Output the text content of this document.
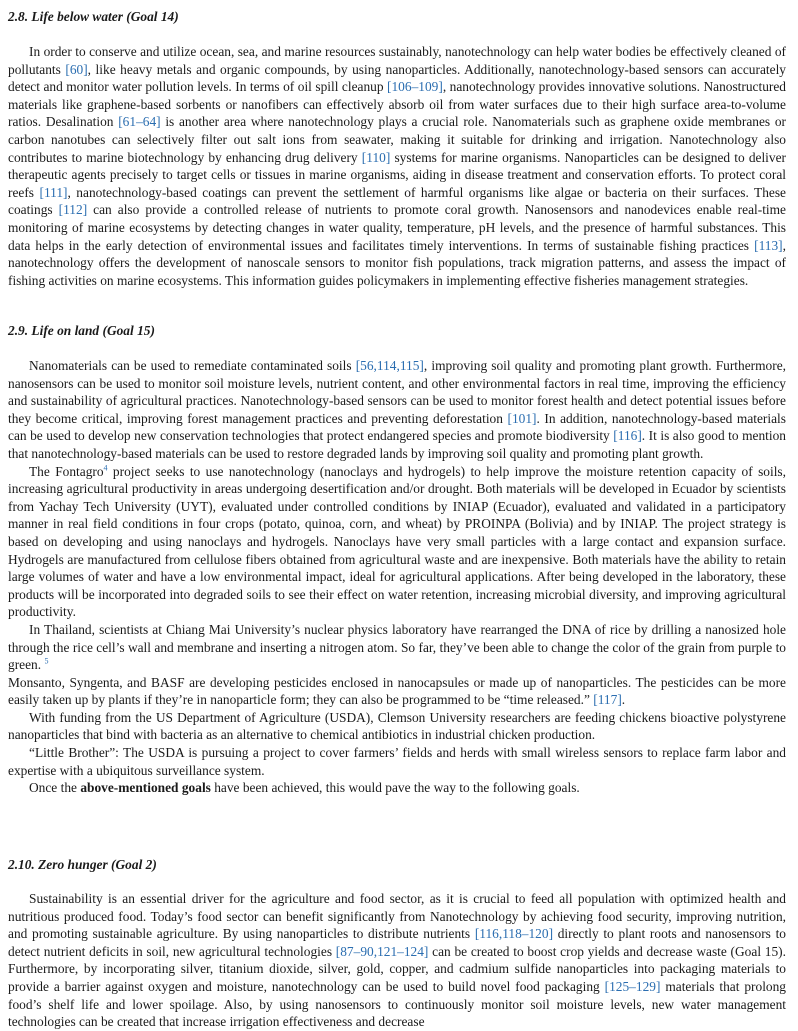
2.8. Life below water (Goal 14)

In order to conserve and utilize ocean, sea, and marine resources sustainably, nanotechnology can help water bodies be effectively cleaned of pollutants [60], like heavy metals and organic compounds, by using nanoparticles. Additionally, nanotechnology-based sensors can accurately detect and monitor water pollution levels. In terms of oil spill cleanup [106–109], nanotechnology provides innovative solutions. Nanostructured materials like graphene-based sorbents or nanofibers can effectively absorb oil from water surfaces due to their high surface area-to-volume ratios. Desalination [61–64] is another area where nanotechnology plays a crucial role. Nanomaterials such as graphene oxide membranes or carbon nanotubes can selectively filter out salt ions from seawater, making it suitable for drinking and irrigation. Nanotechnology also contributes to marine biotechnology by enhancing drug delivery [110] systems for marine organisms. Nanoparticles can be designed to deliver therapeutic agents precisely to target cells or tissues in marine organisms, aiding in disease treatment and conservation efforts. To protect coral reefs [111], nanotechnology-based coatings can prevent the settlement of harmful organisms like algae or bacteria on their surfaces. These coatings [112] can also provide a controlled release of nutrients to promote coral growth. Nanosensors and nanodevices enable real-time monitoring of marine ecosystems by detecting changes in water quality, temperature, pH levels, and the presence of harmful substances. This data helps in the early detection of environmental issues and facilitates timely interventions. In terms of sustainable fishing practices [113], nanotechnology offers the development of nanoscale sensors to monitor fish populations, track migration patterns, and assess the impact of fishing activities on marine ecosystems. This information guides policymakers in implementing effective fisheries management strategies.

2.9. Life on land (Goal 15)

Nanomaterials can be used to remediate contaminated soils [56,114,115], improving soil quality and promoting plant growth. Furthermore, nanosensors can be used to monitor soil moisture levels, nutrient content, and other environmental factors in real time, improving the efficiency and sustainability of agricultural practices. Nanotechnology-based sensors can be used to monitor forest health and detect potential issues before they become critical, improving forest management practices and preventing deforestation [101]. In addition, nanotechnology-based materials can be used to develop new conservation technologies that protect endangered species and promote biodiversity [116]. It is also good to mention that nanotechnology-based materials can be used to restore degraded lands by improving soil quality and promoting plant growth.

The Fontagro$^4$ project seeks to use nanotechnology (nanoclays and hydrogels) to help improve the moisture retention capacity of soils, increasing agricultural productivity in areas undergoing desertification and/or drought. Both materials will be developed in Ecuador by scientists from Yachay Tech University (UYT), evaluated under controlled conditions by INIAP (Ecuador), evaluated and validated in a participatory manner in real field conditions in four crops (potato, quinoa, corn, and wheat) by PROINPA (Bolivia) and by INIAP. The project strategy is based on developing and using nanoclays and hydrogels. Nanoclays have very small particles with a large contact and expansion surface. Hydrogels are manufactured from cellulose fibers obtained from agricultural waste and are inexpensive. Both materials have the ability to retain large volumes of water and have a low environmental impact, ideal for agricultural applications. After being developed in the laboratory, these products will be incorporated into degraded soils to see their effect on water retention, increasing microbial diversity, and improving agricultural productivity.

In Thailand, scientists at Chiang Mai University’s nuclear physics laboratory have rearranged the DNA of rice by drilling a nanosized hole through the rice cell’s wall and membrane and inserting a nitrogen atom. So far, they’ve been able to change the color of the grain from purple to green. $^5$

Monsanto, Syngenta, and BASF are developing pesticides enclosed in nanocapsules or made up of nanoparticles. The pesticides can be more easily taken up by plants if they’re in nanoparticle form; they can also be programmed to be “time released.” [117].

With funding from the US Department of Agriculture (USDA), Clemson University researchers are feeding chickens bioactive polystyrene nanoparticles that bind with bacteria as an alternative to chemical antibiotics in industrial chicken production.

“Little Brother”: The USDA is pursuing a project to cover farmers’ fields and herds with small wireless sensors to replace farm labor and expertise with a ubiquitous surveillance system.

Once the above-mentioned goals have been achieved, this would pave the way to the following goals.

2.10. Zero hunger (Goal 2)

Sustainability is an essential driver for the agriculture and food sector, as it is crucial to feed all population with optimized health and nutritious produced food. Today’s food sector can benefit significantly from Nanotechnology by achieving food security, improving nutrition, and promoting sustainable agriculture. By using nanoparticles to distribute nutrients [116,118–120] directly to plant roots and nanosensors to detect nutrient deficits in soil, new agricultural technologies [87–90,121–124] can be created to boost crop yields and decrease waste (Goal 15). Furthermore, by incorporating silver, titanium dioxide, silver, gold, copper, and cadmium sulfide nanoparticles into packaging materials to provide a barrier against oxygen and moisture, nanotechnology can be used to build novel food packaging [125–129] materials that prolong food’s shelf life and lower spoilage. Also, by using nanosensors to continuously monitor soil moisture levels, new water management technologies can be created that increase irrigation effectiveness and decrease
